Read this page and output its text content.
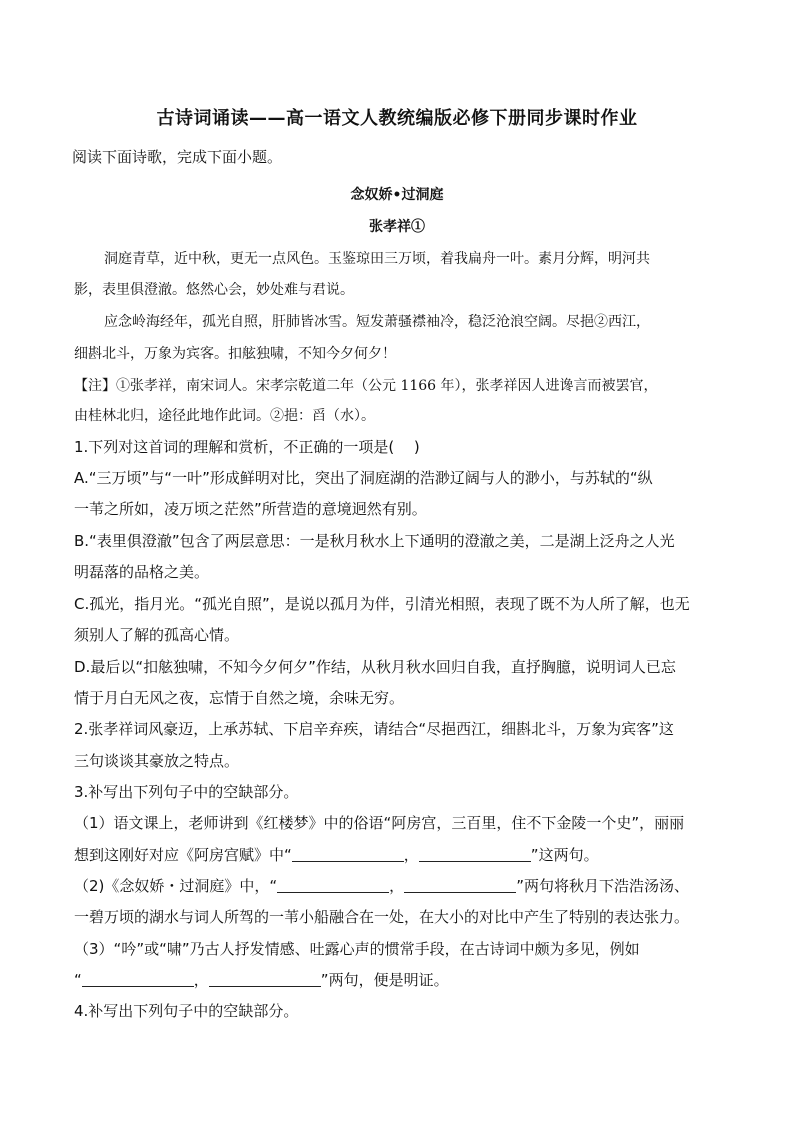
古诗词诵读——高一语文人教统编版必修下册同步课时作业
阅读下面诗歌，完成下面小题。
念奴娇•过洞庭
张孝祥①
洞庭青草，近中秋，更无一点风色。玉鉴琼田三万顷，着我扁舟一叶。素月分辉，明河共
影，表里俱澄澈。悠然心会，妙处难与君说。
应念岭海经年，孤光自照，肝肺皆冰雪。短发萧骚襟袖冷，稳泛沧浪空阔。尽挹②西江，
细斟北斗，万象为宾客。扣舷独啸，不知今夕何夕！
【注】①张孝祥，南宋词人。宋孝宗乾道二年（公元 1166 年），张孝祥因人进谗言而被罢官，
由桂林北归，途径此地作此词。②挹：舀（水）。
1.下列对这首词的理解和赏析，不正确的一项是(　 )
A.“三万顷”与“一叶”形成鲜明对比，突出了洞庭湖的浩渺辽阔与人的渺小，与苏轼的“纵
一苇之所如，凌万顷之茫然”所营造的意境迥然有别。
B.“表里俱澄澈”包含了两层意思：一是秋月秋水上下通明的澄澈之美，二是湖上泛舟之人光
明磊落的品格之美。
C.孤光，指月光。“孤光自照”，是说以孤月为伴，引清光相照，表现了既不为人所了解，也无
须别人了解的孤高心情。
D.最后以“扣舷独啸，不知今夕何夕”作结，从秋月秋水回归自我，直抒胸臆，说明词人已忘
情于月白无风之夜，忘情于自然之境，余味无穷。
2.张孝祥词风豪迈，上承苏轼、下启辛弃疾，请结合“尽挹西江，细斟北斗，万象为宾客”这
三句谈谈其豪放之特点。
3.补写出下列句子中的空缺部分。
（1）语文课上，老师讲到《红楼梦》中的俗语“阿房宫，三百里，住不下金陵一个史”，丽丽
想到这刚好对应《阿房宫赋》中“	，	”这两句。
（2)《念奴娇・过洞庭》中，“	，	”两句将秋月下浩浩汤汤、
一碧万顷的湖水与词人所驾的一苇小船融合在一处，在大小的对比中产生了特别的表达张力。
（3）“吟”或“啸”乃古人抒发情感、吐露心声的惯常手段，在古诗词中颇为多见，例如
“	，	”两句，便是明证。
4.补写出下列句子中的空缺部分。
